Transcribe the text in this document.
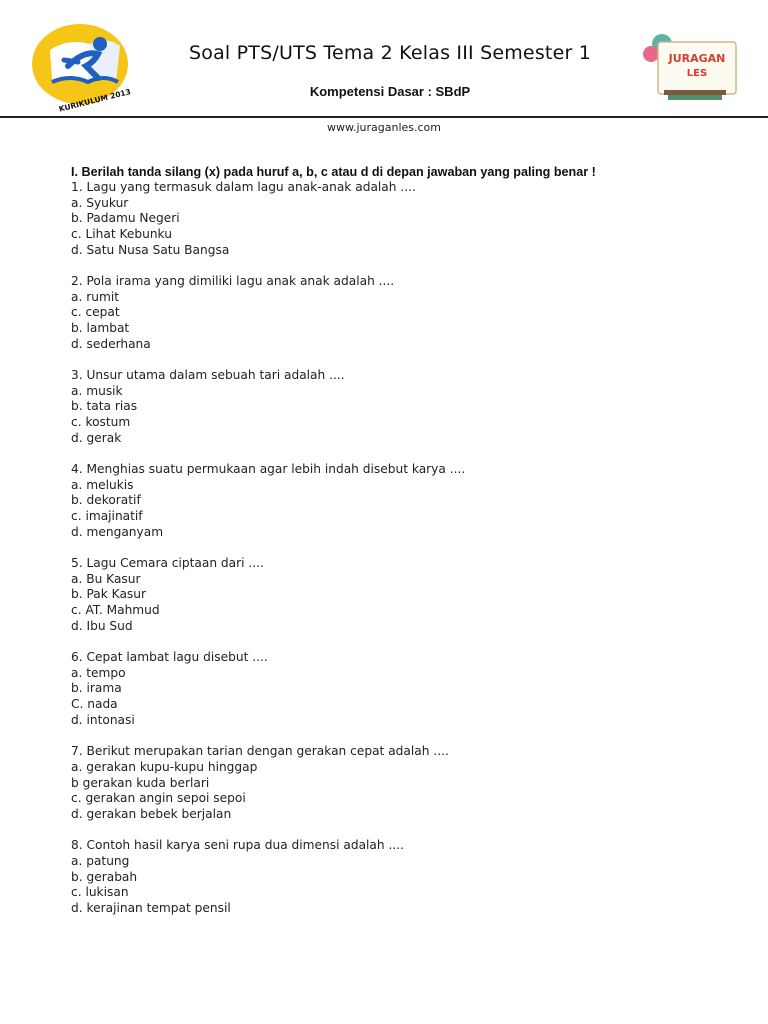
KURIKULUM 2013
Soal PTS/UTS Tema 2 Kelas III Semester 1
Kompetensi Dasar : SBdP
JURAGAN
LES
www.juraganles.com

I. Berilah tanda silang (x) pada huruf a, b, c atau d di depan jawaban yang paling benar !

1. Lagu yang termasuk dalam lagu anak-anak adalah ....
a. Syukur
b. Padamu Negeri
c. Lihat Kebunku
d. Satu Nusa Satu Bangsa
2. Pola irama yang dimiliki lagu anak anak adalah ....
a. rumit
c. cepat
b. lambat
d. sederhana
3. Unsur utama dalam sebuah tari adalah ....
a. musik
b. tata rias
c. kostum
d. gerak
4. Menghias suatu permukaan agar lebih indah disebut karya ....
a. melukis
b. dekoratif
c. imajinatif
d. menganyam
5. Lagu Cemara ciptaan dari ....
a. Bu Kasur
b. Pak Kasur
c. AT. Mahmud
d. Ibu Sud
6. Cepat lambat lagu disebut ....
a. tempo
b. irama
C. nada
d. intonasi
7. Berikut merupakan tarian dengan gerakan cepat adalah ....
a. gerakan kupu-kupu hinggap
b gerakan kuda berlari
c. gerakan angin sepoi sepoi
d. gerakan bebek berjalan
8. Contoh hasil karya seni rupa dua dimensi adalah ....
a. patung
b. gerabah
c. lukisan
d. kerajinan tempat pensil
